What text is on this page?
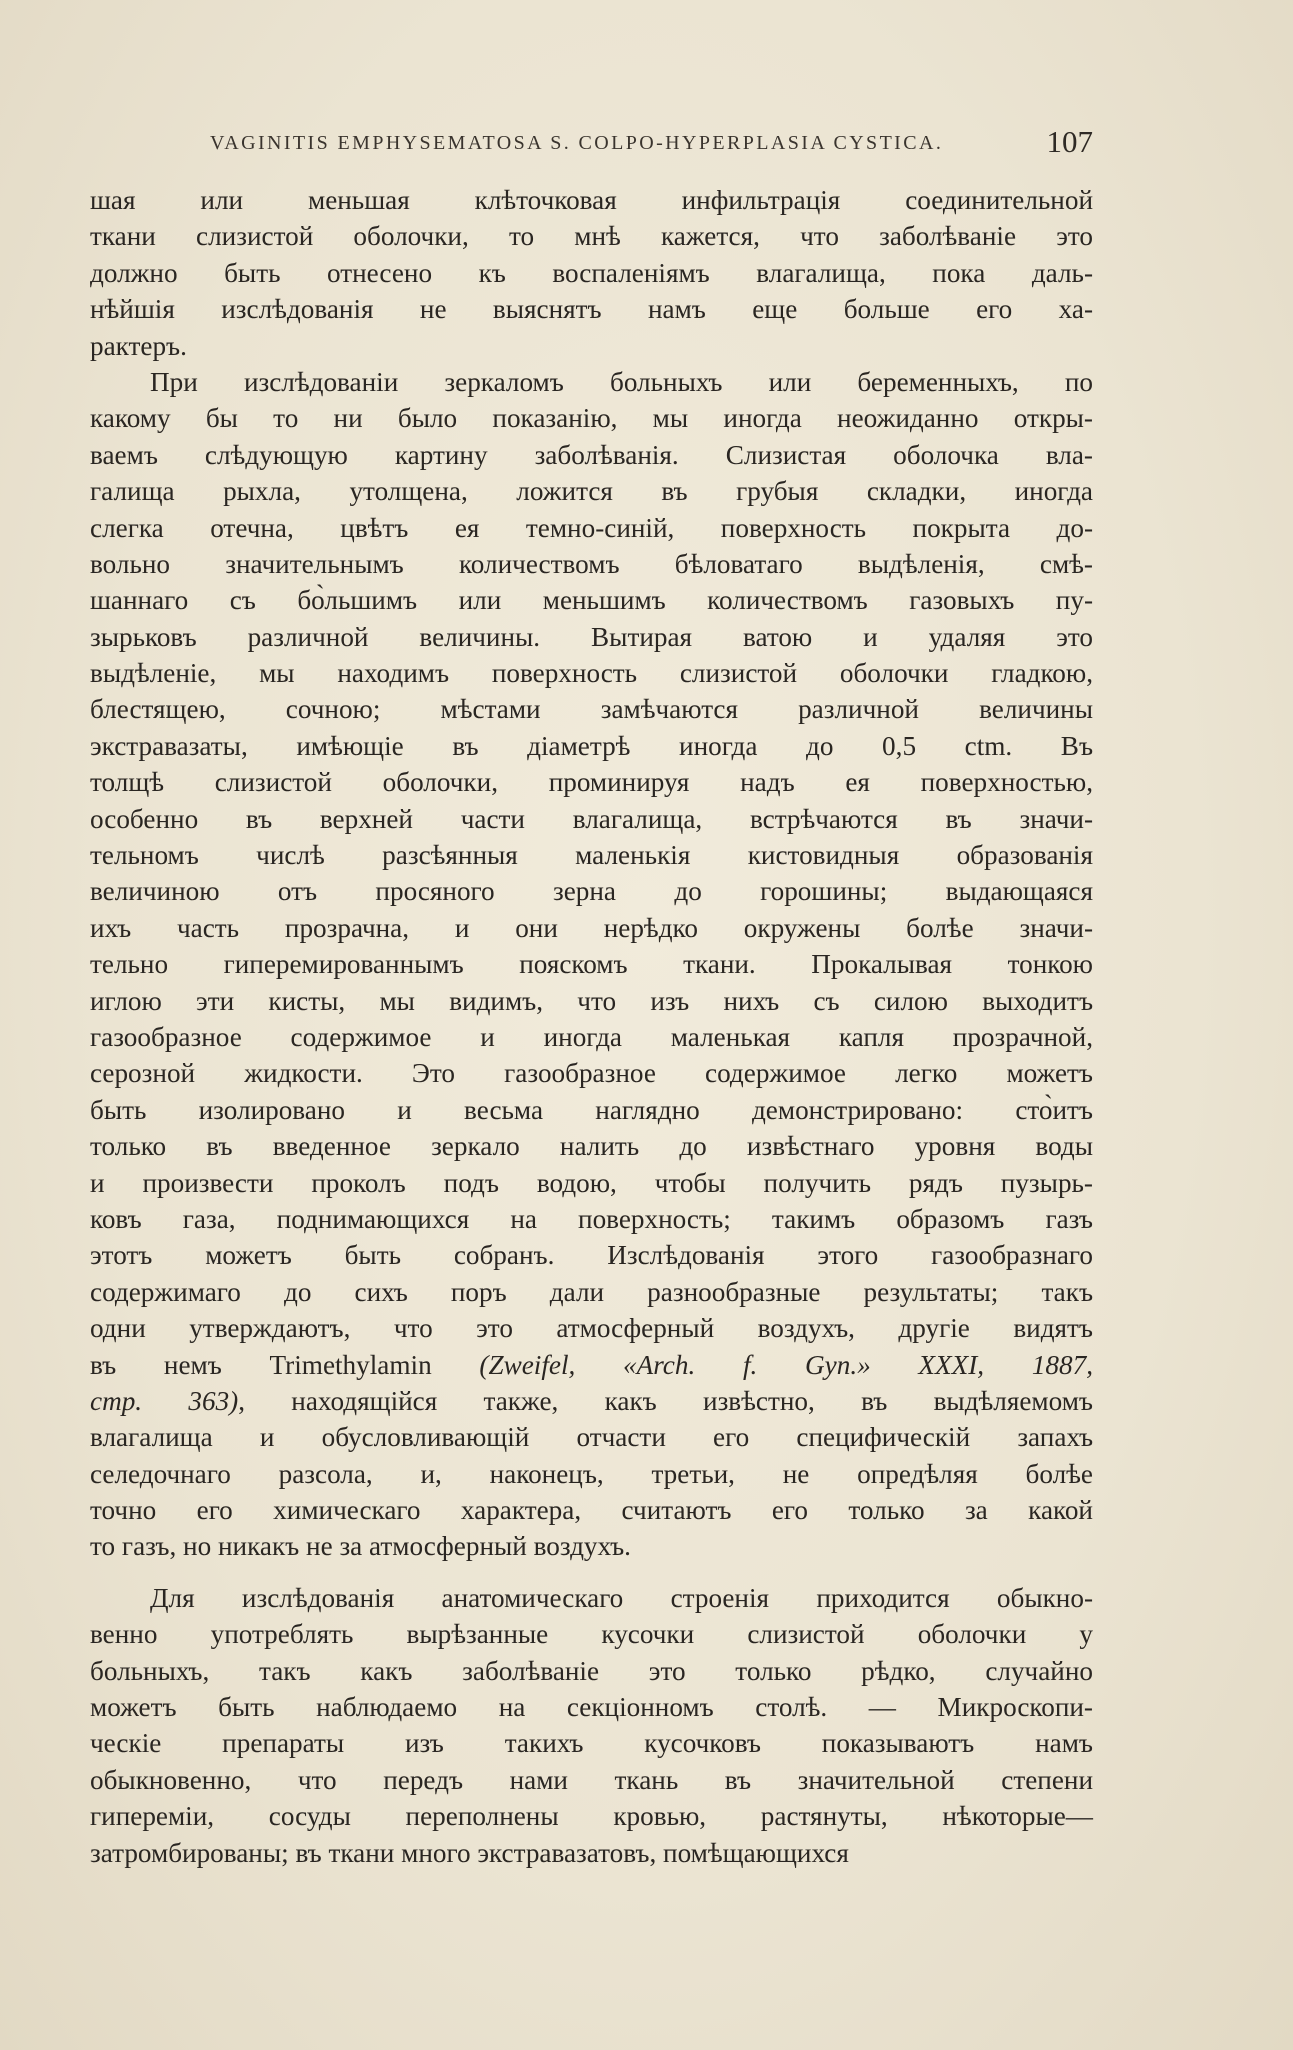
VAGINITIS EMPHYSEMATOSA S. COLPO-HYPERPLASIA CYSTICA.	107
шая или меньшая клѣточковая инфильтрація соединительной
ткани слизистой оболочки, то мнѣ кажется, что заболѣваніе это
должно быть отнесено къ воспаленіямъ влагалища, пока даль-
нѣйшія изслѣдованія не выяснятъ намъ еще больше его ха-
рактеръ.
При изслѣдованіи зеркаломъ больныхъ или беременныхъ, по
какому бы то ни было показанію, мы иногда неожиданно откры-
ваемъ слѣдующую картину заболѣванія. Слизистая оболочка вла-
галища рыхла, утолщена, ложится въ грубыя складки, иногда
слегка отечна, цвѣтъ ея темно-синій, поверхность покрыта до-
вольно значительнымъ количествомъ бѣловатаго выдѣленія, смѣ-
шаннаго съ бо̀льшимъ или меньшимъ количествомъ газовыхъ пу-
зырьковъ различной величины. Вытирая ватою и удаляя это
выдѣленіе, мы находимъ поверхность слизистой оболочки гладкою,
блестящею, сочною; мѣстами замѣчаются различной величины
экстравазаты, имѣющіе въ діаметрѣ иногда до 0,5 ctm. Въ
толщѣ слизистой оболочки, проминируя надъ ея поверхностью,
особенно въ верхней части влагалища, встрѣчаются въ значи-
тельномъ числѣ разсѣянныя маленькія кистовидныя образованія
величиною отъ просяного зерна до горошины; выдающаяся
ихъ часть прозрачна, и они нерѣдко окружены болѣе значи-
тельно гиперемированнымъ пояскомъ ткани. Прокалывая тонкою
иглою эти кисты, мы видимъ, что изъ нихъ съ силою выходитъ
газообразное содержимое и иногда маленькая капля прозрачной,
серозной жидкости. Это газообразное содержимое легко можетъ
быть изолировано и весьма наглядно демонстрировано: сто̀итъ
только въ введенное зеркало налить до извѣстнаго уровня воды
и произвести проколъ подъ водою, чтобы получить рядъ пузырь-
ковъ газа, поднимающихся на поверхность; такимъ образомъ газъ
этотъ можетъ быть собранъ. Изслѣдованія этого газообразнаго
содержимаго до сихъ поръ дали разнообразные результаты; такъ
одни утверждаютъ, что это атмосферный воздухъ, другіе видятъ
въ немъ Trimethylamin (Zweifel, «Arch. f. Gyn.» XXXI, 1887,
стр. 363), находящійся также, какъ извѣстно, въ выдѣляемомъ
влагалища и обусловливающій отчасти его специфическій запахъ
селедочнаго разсола, и, наконецъ, третьи, не опредѣляя болѣе
точно его химическаго характера, считаютъ его только за какой
то газъ, но никакъ не за атмосферный воздухъ.
Для изслѣдованія анатомическаго строенія приходится обыкно-
венно употреблять вырѣзанные кусочки слизистой оболочки у
больныхъ, такъ какъ заболѣваніе это только рѣдко, случайно
можетъ быть наблюдаемо на секціонномъ столѣ. — Микроскопи-
ческіе препараты изъ такихъ кусочковъ показываютъ намъ
обыкновенно, что передъ нами ткань въ значительной степени
гипереміи, сосуды переполнены кровью, растянуты, нѣкоторые—
затромбированы; въ ткани много экстравазатовъ, помѣщающихся
